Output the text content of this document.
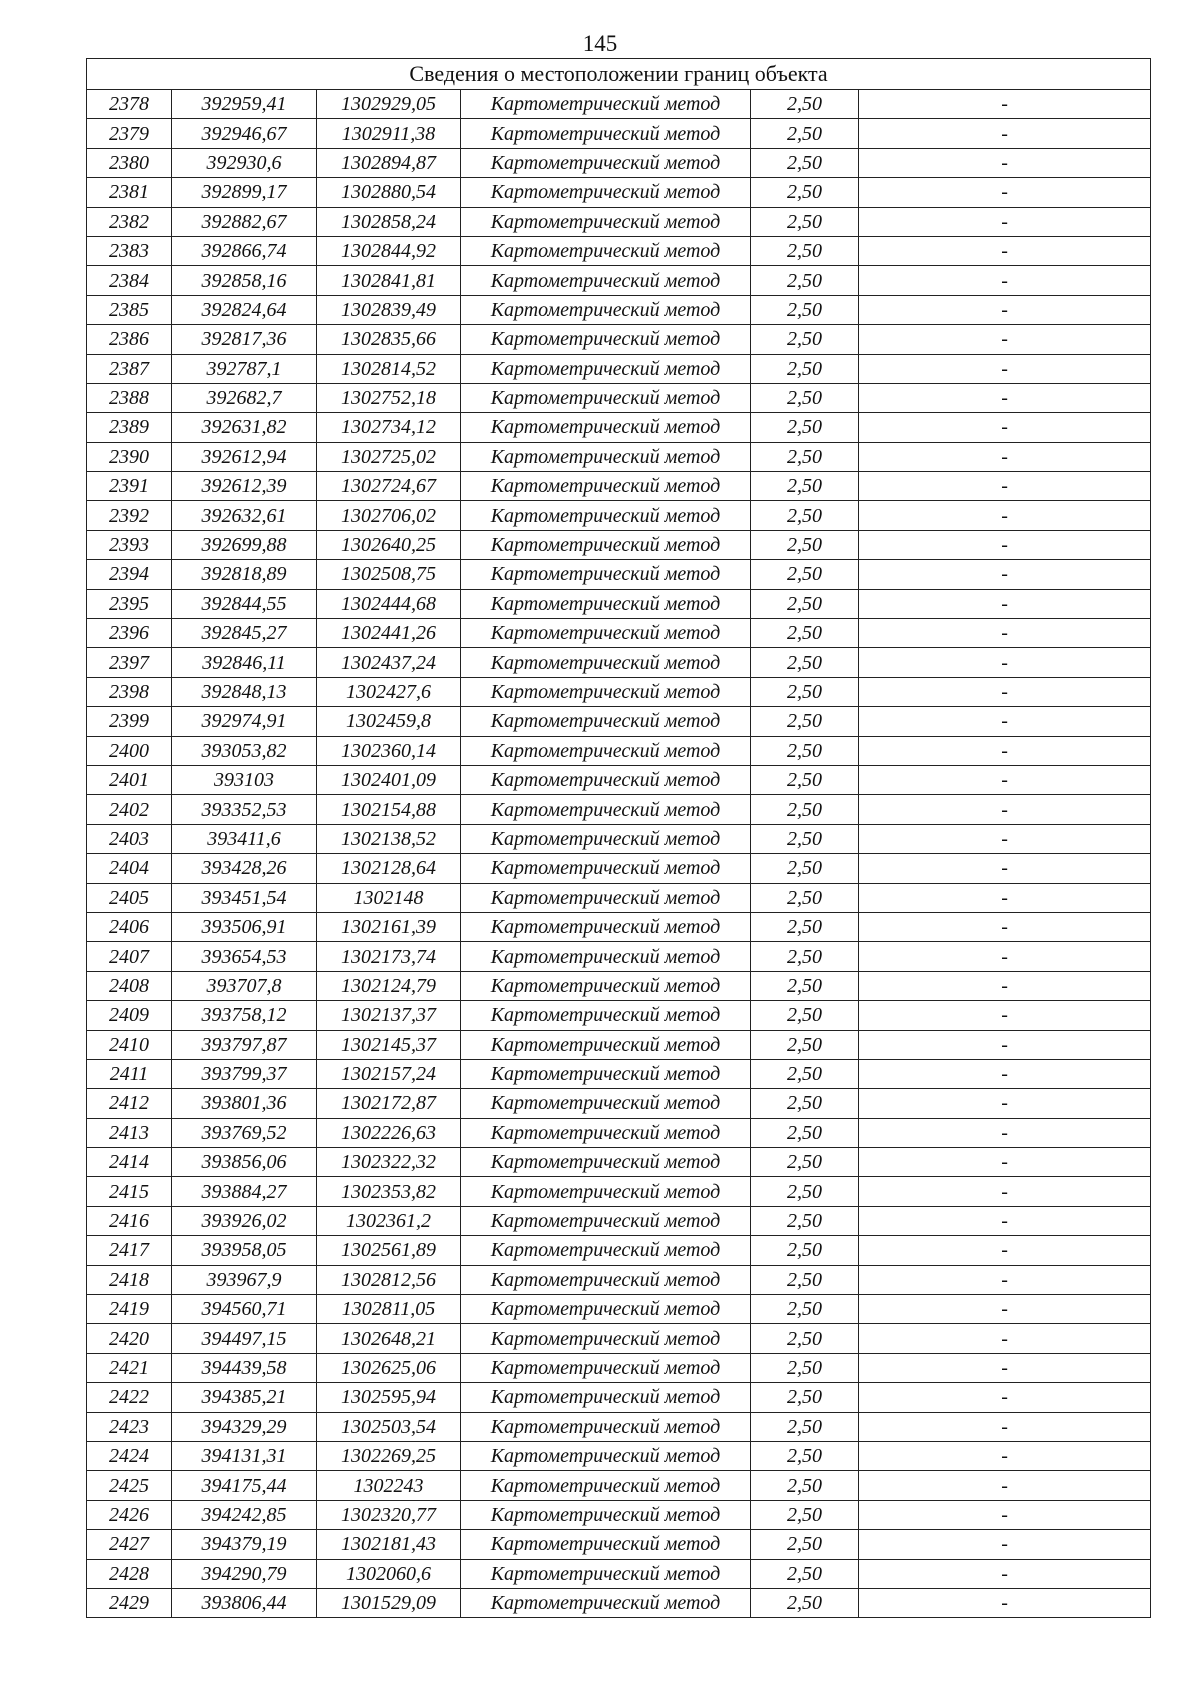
145
Сведения о местоположении границ объекта					
2378	392959,41	1302929,05	Картометрический метод	2,50	-
2379	392946,67	1302911,38	Картометрический метод	2,50	-
2380	392930,6	1302894,87	Картометрический метод	2,50	-
2381	392899,17	1302880,54	Картометрический метод	2,50	-
2382	392882,67	1302858,24	Картометрический метод	2,50	-
2383	392866,74	1302844,92	Картометрический метод	2,50	-
2384	392858,16	1302841,81	Картометрический метод	2,50	-
2385	392824,64	1302839,49	Картометрический метод	2,50	-
2386	392817,36	1302835,66	Картометрический метод	2,50	-
2387	392787,1	1302814,52	Картометрический метод	2,50	-
2388	392682,7	1302752,18	Картометрический метод	2,50	-
2389	392631,82	1302734,12	Картометрический метод	2,50	-
2390	392612,94	1302725,02	Картометрический метод	2,50	-
2391	392612,39	1302724,67	Картометрический метод	2,50	-
2392	392632,61	1302706,02	Картометрический метод	2,50	-
2393	392699,88	1302640,25	Картометрический метод	2,50	-
2394	392818,89	1302508,75	Картометрический метод	2,50	-
2395	392844,55	1302444,68	Картометрический метод	2,50	-
2396	392845,27	1302441,26	Картометрический метод	2,50	-
2397	392846,11	1302437,24	Картометрический метод	2,50	-
2398	392848,13	1302427,6	Картометрический метод	2,50	-
2399	392974,91	1302459,8	Картометрический метод	2,50	-
2400	393053,82	1302360,14	Картометрический метод	2,50	-
2401	393103	1302401,09	Картометрический метод	2,50	-
2402	393352,53	1302154,88	Картометрический метод	2,50	-
2403	393411,6	1302138,52	Картометрический метод	2,50	-
2404	393428,26	1302128,64	Картометрический метод	2,50	-
2405	393451,54	1302148	Картометрический метод	2,50	-
2406	393506,91	1302161,39	Картометрический метод	2,50	-
2407	393654,53	1302173,74	Картометрический метод	2,50	-
2408	393707,8	1302124,79	Картометрический метод	2,50	-
2409	393758,12	1302137,37	Картометрический метод	2,50	-
2410	393797,87	1302145,37	Картометрический метод	2,50	-
2411	393799,37	1302157,24	Картометрический метод	2,50	-
2412	393801,36	1302172,87	Картометрический метод	2,50	-
2413	393769,52	1302226,63	Картометрический метод	2,50	-
2414	393856,06	1302322,32	Картометрический метод	2,50	-
2415	393884,27	1302353,82	Картометрический метод	2,50	-
2416	393926,02	1302361,2	Картометрический метод	2,50	-
2417	393958,05	1302561,89	Картометрический метод	2,50	-
2418	393967,9	1302812,56	Картометрический метод	2,50	-
2419	394560,71	1302811,05	Картометрический метод	2,50	-
2420	394497,15	1302648,21	Картометрический метод	2,50	-
2421	394439,58	1302625,06	Картометрический метод	2,50	-
2422	394385,21	1302595,94	Картометрический метод	2,50	-
2423	394329,29	1302503,54	Картометрический метод	2,50	-
2424	394131,31	1302269,25	Картометрический метод	2,50	-
2425	394175,44	1302243	Картометрический метод	2,50	-
2426	394242,85	1302320,77	Картометрический метод	2,50	-
2427	394379,19	1302181,43	Картометрический метод	2,50	-
2428	394290,79	1302060,6	Картометрический метод	2,50	-
2429	393806,44	1301529,09	Картометрический метод	2,50	-
